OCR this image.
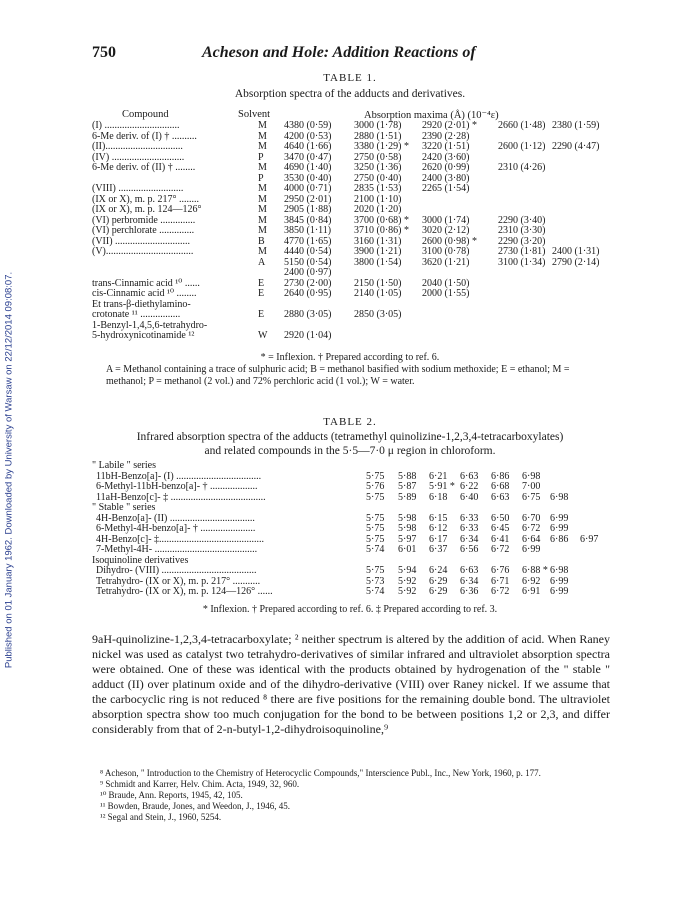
Published on 01 January 1962. Downloaded by University of Warsaw on 22/12/2014 09:08:07.
750	Acheson and Hole: Addition Reactions of
TABLE 1.
Absorption spectra of the adducts and derivatives.
Compound	Solvent	Absorption maxima (Å) (10⁻⁴ε)
(I) ..............................	M 4380 (0·59) 3000 (1·78) 2920 (2·01) * 2660 (1·48) 2380 (1·59)
6-Me deriv. of (I) † ..........	M 4200 (0·53) 2880 (1·51) 2390 (2·28)
(II)...............................	M 4640 (1·66) 3380 (1·29) * 3220 (1·51)	2600 (1·12) 2290 (4·47)
(IV) .............................	P 3470 (0·47) 2750 (0·58) 2420 (3·60)
6-Me deriv. of (II) † ........	M 4690 (1·40) 3250 (1·36) 2620 (0·99)	2310 (4·26)
P 3530 (0·40) 2750 (0·40) 2400 (3·80)
(VIII) ..........................	M 4000 (0·71) 2835 (1·53) 2265 (1·54)
(IX or X), m. p. 217° ........	M 2950 (2·01) 2100 (1·10)
(IX or X), m. p. 124—126°	M 2905 (1·88) 2020 (1·20)
(VI) perbromide ..............	M 3845 (0·84) 3700 (0·68) * 3000 (1·74)	2290 (3·40)
(VI) perchlorate ..............	M 3850 (1·11) 3710 (0·86) * 3020 (2·12)	2310 (3·30)
(VII) ..............................	B 4770 (1·65) 3160 (1·31) 2600 (0·98) * 2290 (3·20)
(V)...................................	M 4440 (0·54) 3900 (1·21) 3100 (0·78)	2730 (1·81) 2400 (1·31)
A 5150 (0·54) 3800 (1·54) 3620 (1·21)	3100 (1·34) 2790 (2·14)
2400 (0·97)
trans-Cinnamic acid ¹⁰ ......	E 2730 (2·00) 2150 (1·50) 2040 (1·50)
cis-Cinnamic acid ¹⁰ ........	E 2640 (0·95) 2140 (1·05) 2000 (1·55)
Et trans-β-diethylamino-
crotonate ¹¹ ................	E 2880 (3·05) 2850 (3·05)
1-Benzyl-1,4,5,6-tetrahydro-
5-hydroxynicotinamide ¹²	W 2920 (1·04)
* = Inflexion. † Prepared according to ref. 6.
A = Methanol containing a trace of sulphuric acid; B = methanol basified with sodium methoxide; E = ethanol; M = methanol; P = methanol (2 vol.) and 72% perchloric acid (1 vol.); W = water.
TABLE 2.
Infrared absorption spectra of the adducts (tetramethyl quinolizine-1,2,3,4-tetracarboxylates) and related compounds in the 5·5—7·0 μ region in chloroform.
" Labile " series
11bH-Benzo[a]- (I) ..................................	5·75 5·88 6·21 6·63 6·86 6·98
6-Methyl-11bH-benzo[a]- † ...................	5·76 5·87 5·91 * 6·22 6·68 7·00
11aH-Benzo[c]- ‡ ......................................	5·75 5·89 6·18 6·40 6·63 6·75 6·98
" Stable " series
4H-Benzo[a]- (II) ..................................	5·75 5·98 6·15 6·33 6·50 6·70 6·99
6-Methyl-4H-benzo[a]- † ......................	5·75 5·98 6·12 6·33 6·45 6·72 6·99
4H-Benzo[c]- ‡..........................................	5·75 5·97 6·17 6·34 6·41 6·64 6·86 6·97
7-Methyl-4H- .........................................	5·74 6·01 6·37 6·56 6·72 6·99
Isoquinoline derivatives
Dihydro- (VIII) ......................................	5·75 5·94 6·24 6·63 6·76 6·88 * 6·98
Tetrahydro- (IX or X), m. p. 217° ...........	5·73 5·92 6·29 6·34 6·71 6·92 6·99
Tetrahydro- (IX or X), m. p. 124—126° ......	5·74 5·92 6·29 6·36 6·72 6·91 6·99
* Inflexion. † Prepared according to ref. 6. ‡ Prepared according to ref. 3.

9aH-quinolizine-1,2,3,4-tetracarboxylate; ² neither spectrum is altered by the addition of acid. When Raney nickel was used as catalyst two tetrahydro-derivatives of similar infrared and ultraviolet absorption spectra were obtained. One of these was identical with the products obtained by hydrogenation of the " stable " adduct (II) over platinum oxide and of the dihydro-derivative (VIII) over Raney nickel. If we assume that the carbocyclic ring is not reduced ⁸ there are five positions for the remaining double bond. The ultraviolet absorption spectra show too much conjugation for the bond to be between positions 1,2 or 2,3, and differ considerably from that of 2-n-butyl-1,2-dihydroisoquinoline,⁹

⁸ Acheson, " Introduction to the Chemistry of Heterocyclic Compounds," Interscience Publ., Inc., New York, 1960, p. 177.

⁹ Schmidt and Karrer, Helv. Chim. Acta, 1949, 32, 960.

¹⁰ Braude, Ann. Reports, 1945, 42, 105.

¹¹ Bowden, Braude, Jones, and Weedon, J., 1946, 45.

¹² Segal and Stein, J., 1960, 5254.
